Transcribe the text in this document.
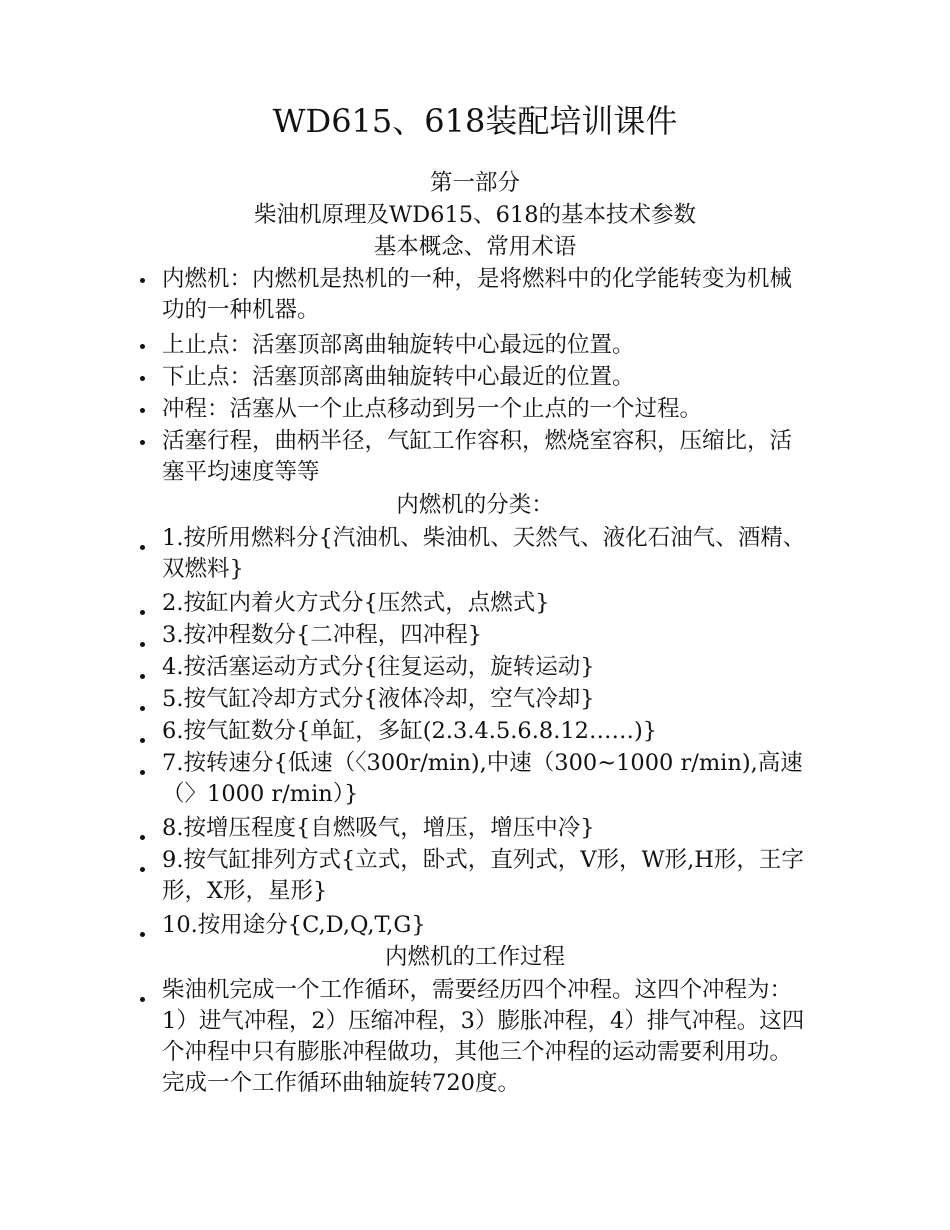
WD615、618装配培训课件
第一部分
柴油机原理及WD615、618的基本技术参数
基本概念、常用术语
内燃机：内燃机是热机的一种，是将燃料中的化学能转变为机械功的一种机器。
上止点：活塞顶部离曲轴旋转中心最远的位置。
下止点：活塞顶部离曲轴旋转中心最近的位置。
冲程：活塞从一个止点移动到另一个止点的一个过程。
活塞行程，曲柄半径，气缸工作容积，燃烧室容积，压缩比，活塞平均速度等等
内燃机的分类：
1.按所用燃料分{汽油机、柴油机、天然气、液化石油气、酒精、双燃料}
2.按缸内着火方式分{压然式，点燃式}
3.按冲程数分{二冲程，四冲程}
4.按活塞运动方式分{往复运动，旋转运动}
5.按气缸冷却方式分{液体冷却，空气冷却}
6.按气缸数分{单缸，多缸(2.3.4.5.6.8.12……)}
7.按转速分{低速（〈300r/min),中速（300~1000 r/min),高速（〉1000 r/min）}
8.按增压程度{自燃吸气，增压，增压中冷}
9.按气缸排列方式{立式，卧式，直列式，V形，W形,H形，王字形，X形，星形}
10.按用途分{C,D,Q,T,G}
内燃机的工作过程
柴油机完成一个工作循环，需要经历四个冲程。这四个冲程为：1）进气冲程，2）压缩冲程，3）膨胀冲程，4）排气冲程。这四个冲程中只有膨胀冲程做功，其他三个冲程的运动需要利用功。完成一个工作循环曲轴旋转720度。
